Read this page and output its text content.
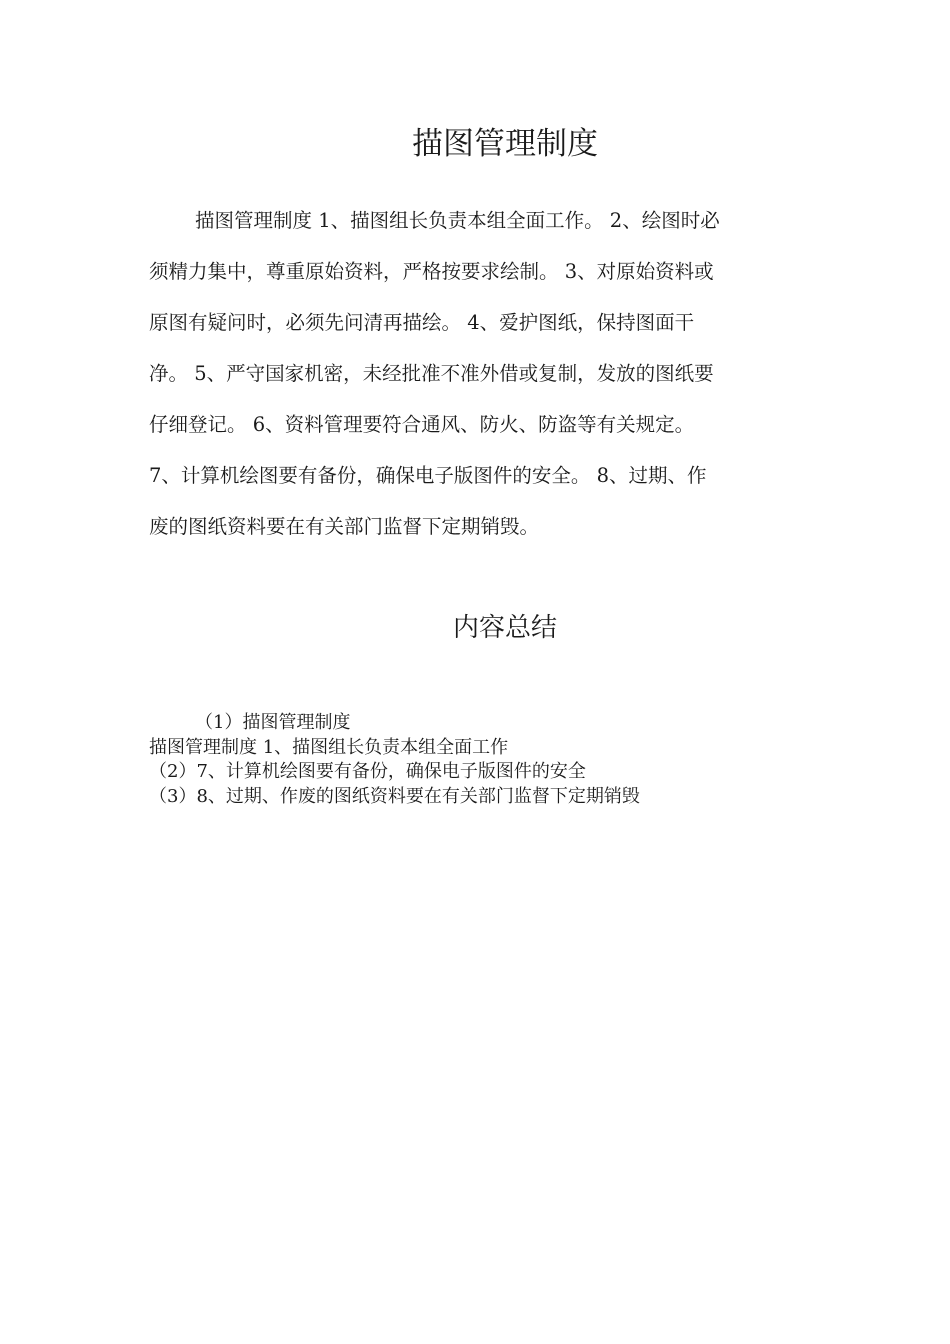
描图管理制度
描图管理制度 1、描图组长负责本组全面工作。 2、绘图时必
须精力集中，尊重原始资料，严格按要求绘制。 3、对原始资料或
原图有疑问时，必须先问清再描绘。 4、爱护图纸，保持图面干
净。 5、严守国家机密，未经批准不准外借或复制，发放的图纸要
仔细登记。 6、资料管理要符合通风、防火、防盗等有关规定。
7、计算机绘图要有备份，确保电子版图件的安全。 8、过期、作
废的图纸资料要在有关部门监督下定期销毁。
内容总结
（1）描图管理制度
描图管理制度 1、描图组长负责本组全面工作
（2）7、计算机绘图要有备份，确保电子版图件的安全
（3）8、过期、作废的图纸资料要在有关部门监督下定期销毁
